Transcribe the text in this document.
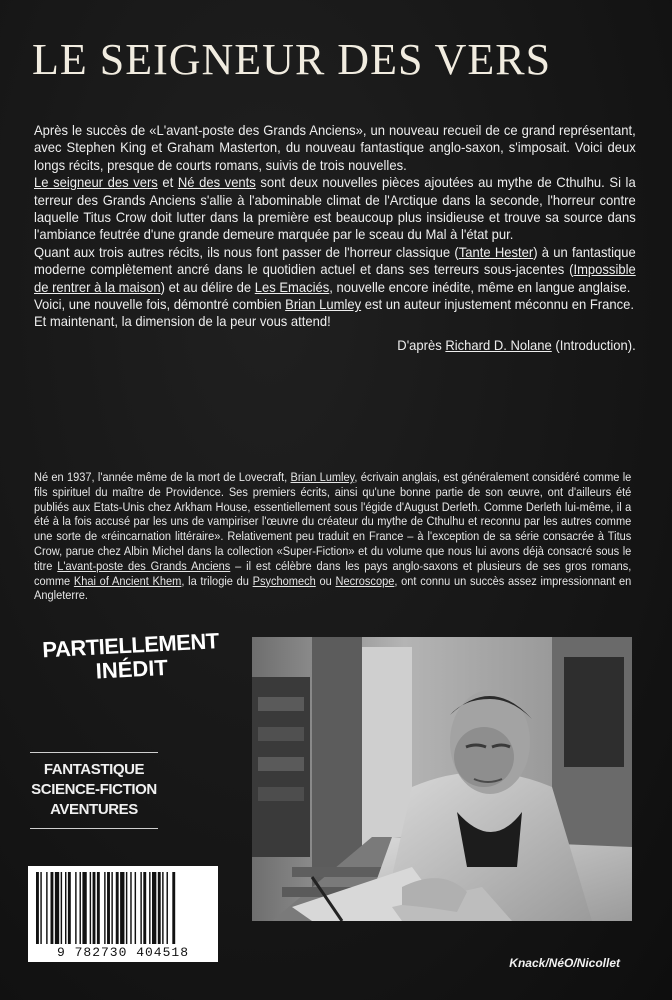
LE SEIGNEUR DES VERS

Après le succès de «L'avant-poste des Grands Anciens», un nouveau recueil de ce grand représentant, avec Stephen King et Graham Masterton, du nouveau fantastique anglo-saxon, s'imposait. Voici deux longs récits, presque de courts romans, suivis de trois nouvelles.

Le seigneur des vers et Né des vents sont deux nouvelles pièces ajoutées au mythe de Cthulhu. Si la terreur des Grands Anciens s'allie à l'abominable climat de l'Arctique dans la seconde, l'horreur contre laquelle Titus Crow doit lutter dans la première est beaucoup plus insidieuse et trouve sa source dans l'ambiance feutrée d'une grande demeure marquée par le sceau du Mal à l'état pur.

Quant aux trois autres récits, ils nous font passer de l'horreur classique (Tante Hester) à un fantastique moderne complètement ancré dans le quotidien actuel et dans ses terreurs sous-jacentes (Impossible de rentrer à la maison) et au délire de Les Emaciés, nouvelle encore inédite, même en langue anglaise.

Voici, une nouvelle fois, démontré combien Brian Lumley est un auteur injustement méconnu en France.

Et maintenant, la dimension de la peur vous attend!

D'après Richard D. Nolane (Introduction).

Né en 1937, l'année même de la mort de Lovecraft, Brian Lumley, écrivain anglais, est généralement considéré comme le fils spirituel du maître de Providence. Ses premiers écrits, ainsi qu'une bonne partie de son œuvre, ont d'ailleurs été publiés aux Etats-Unis chez Arkham House, essentiellement sous l'égide d'August Derleth. Comme Derleth lui-même, il a été à la fois accusé par les uns de vampiriser l'œuvre du créateur du mythe de Cthulhu et reconnu par les autres comme une sorte de «réincarnation littéraire». Relativement peu traduit en France – à l'exception de sa série consacrée à Titus Crow, parue chez Albin Michel dans la collection «Super-Fiction» et du volume que nous lui avons déjà consacré sous le titre L'avant-poste des Grands Anciens – il est célèbre dans les pays anglo-saxons et plusieurs de ses gros romans, comme Khai of Ancient Khem, la trilogie du Psychomech ou Necroscope, ont connu un succès assez impressionnant en Angleterre.

PARTIELLEMENT
INÉDIT
FANTASTIQUE
SCIENCE-FICTION
AVENTURES
9 782730 404518
Knack/NéO/Nicollet
